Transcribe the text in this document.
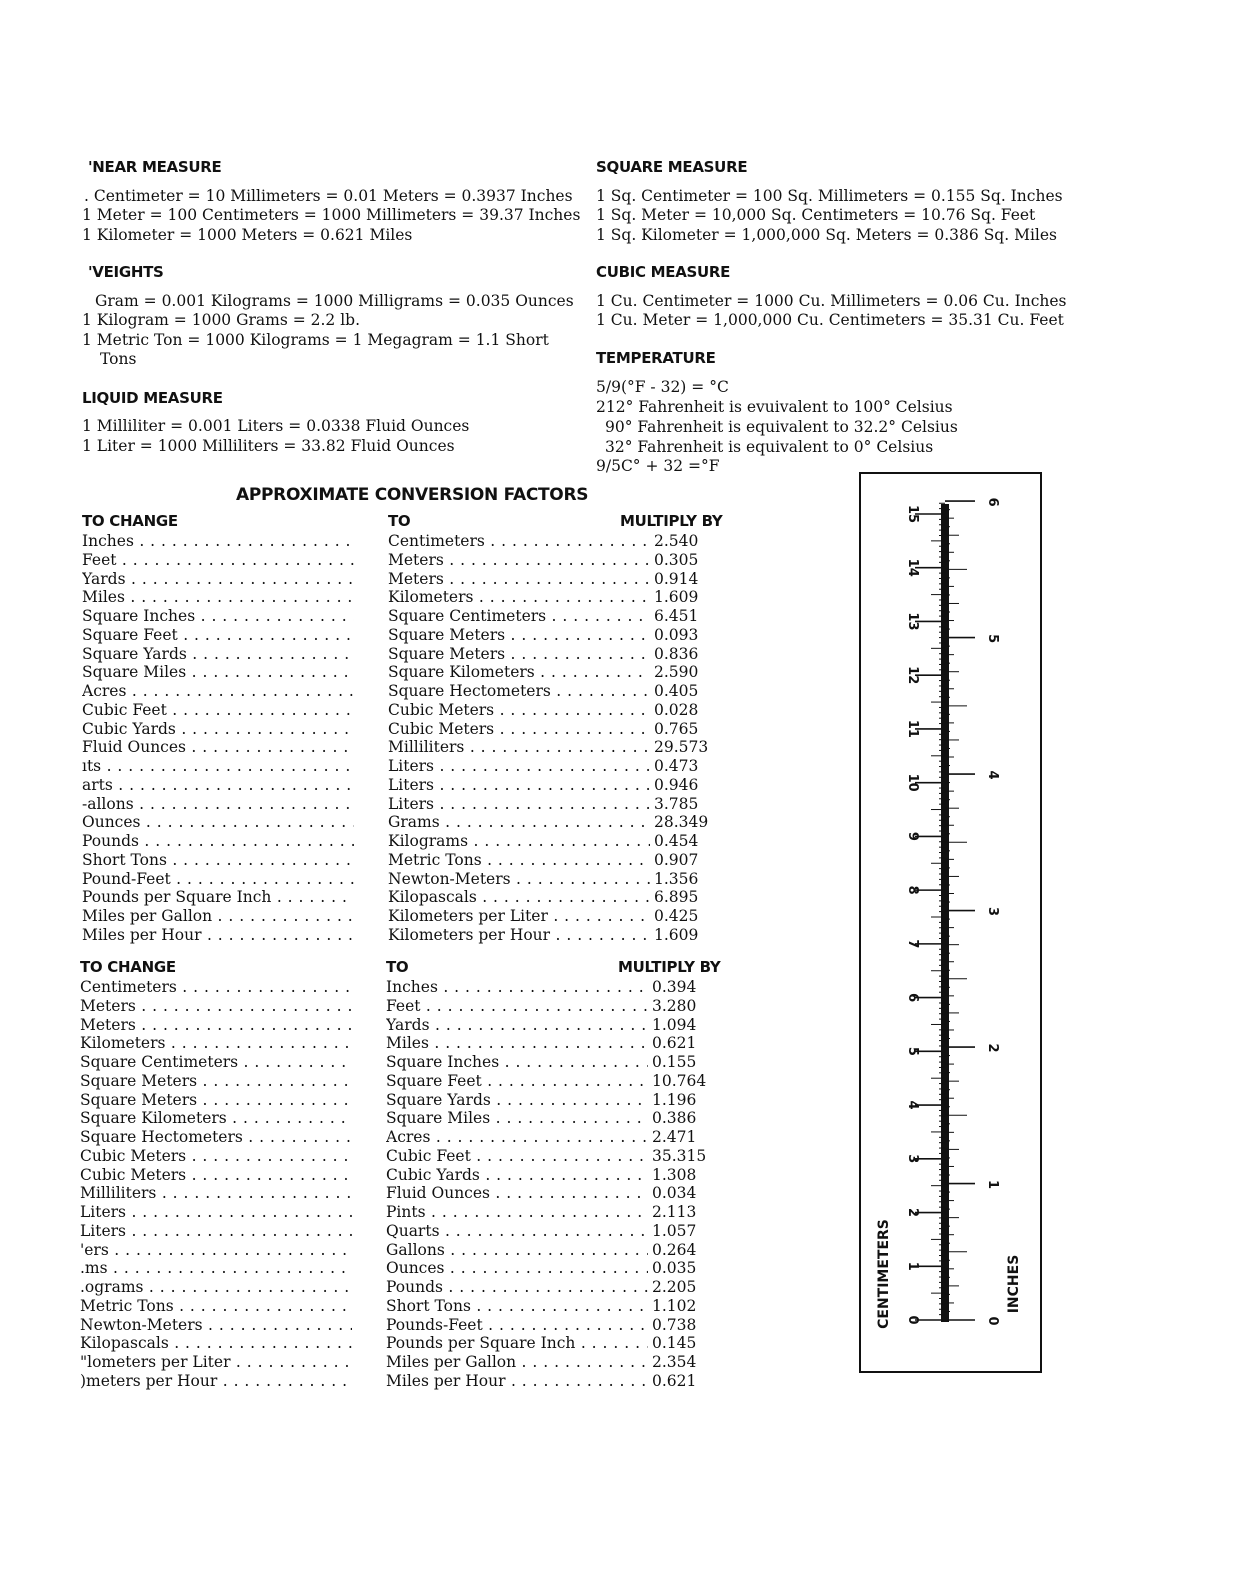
'NEAR MEASURE
. Centimeter = 10 Millimeters = 0.01 Meters = 0.3937 Inches
1 Meter = 100 Centimeters = 1000 Millimeters = 39.37 Inches
1 Kilometer = 1000 Meters = 0.621 Miles
'VEIGHTS
Gram = 0.001 Kilograms = 1000 Milligrams = 0.035 Ounces
1 Kilogram = 1000 Grams = 2.2 lb.
1 Metric Ton = 1000 Kilograms = 1 Megagram = 1.1 Short
Tons
LIQUID MEASURE
1 Milliliter = 0.001 Liters = 0.0338 Fluid Ounces
1 Liter = 1000 Milliliters = 33.82 Fluid Ounces
SQUARE MEASURE
1 Sq. Centimeter = 100 Sq. Millimeters = 0.155 Sq. Inches
1 Sq. Meter = 10,000 Sq. Centimeters = 10.76 Sq. Feet
1 Sq. Kilometer = 1,000,000 Sq. Meters = 0.386 Sq. Miles
CUBIC MEASURE
1 Cu. Centimeter = 1000 Cu. Millimeters = 0.06 Cu. Inches
1 Cu. Meter = 1,000,000 Cu. Centimeters = 35.31 Cu. Feet
TEMPERATURE
5/9(°F - 32) = °C
212° Fahrenheit is evuivalent to 100° Celsius
90° Fahrenheit is equivalent to 32.2° Celsius
32° Fahrenheit is equivalent to 0° Celsius
9/5C° + 32 =°F
APPROXIMATE CONVERSION FACTORS
TO CHANGE	TO	MULTIPLY BY
Inches . . .	Centimeters . . .	2.540
Feet . . .	Meters . . .	0.305
Yards . . .	Meters . . .	0.914
Miles . . .	Kilometers . . .	1.609
Square Inches . . .	Square Centimeters . . .	6.451
Square Feet . . .	Square Meters . . .	0.093
Square Yards . . .	Square Meters . . .	0.836
Square Miles . . .	Square Kilometers . . .	2.590
Acres . . .	Square Hectometers . . .	0.405
Cubic Feet . . .	Cubic Meters . . .	0.028
Cubic Yards . . .	Cubic Meters . . .	0.765
Fluid Ounces . . .	Milliliters . . .	29.573
ıts . . .	Liters . . .	0.473
arts . . .	Liters . . .	0.946
-allons . . .	Liters . . .	3.785
Ounces . . .	Grams . . .	28.349
Pounds . . .	Kilograms . . .	0.454
Short Tons . . .	Metric Tons . . .	0.907
Pound-Feet . . .	Newton-Meters . . .	1.356
Pounds per Square Inch . . .	Kilopascals . . .	6.895
Miles per Gallon . . .	Kilometers per Liter . . .	0.425
Miles per Hour . . .	Kilometers per Hour . . .	1.609
TO CHANGE	TO	MULTIPLY BY
Centimeters . . .	Inches . . .	0.394
Meters . . .	Feet . . .	3.280
Meters . . .	Yards . . .	1.094
Kilometers . . .	Miles . . .	0.621
Square Centimeters . . .	Square Inches . . .	0.155
Square Meters . . .	Square Feet . . .	10.764
Square Meters . . .	Square Yards . . .	1.196
Square Kilometers . . .	Square Miles . . .	0.386
Square Hectometers . . .	Acres . . .	2.471
Cubic Meters . . .	Cubic Feet . . .	35.315
Cubic Meters . . .	Cubic Yards . . .	1.308
Milliliters . . .	Fluid Ounces . . .	0.034
Liters . . .	Pints . . .	2.113
Liters . . .	Quarts . . .	1.057
'ers . . .	Gallons . . .	0.264
.ms . . .	Ounces . . .	0.035
.ograms . . .	Pounds . . .	2.205
Metric Tons . . .	Short Tons . . .	1.102
Newton-Meters . . .	Pounds-Feet . . .	0.738
Kilopascals . . .	Pounds per Square Inch . . .	0.145
"lometers per Liter . . .	Miles per Gallon . . .	2.354
)meters per Hour . . .	Miles per Hour . . .	0.621
0
1
2
3
4
5
6
7
8
9
10
11
12
13
14
15
0
1
2
3
4
5
6
CENTIMETERS	INCHES
